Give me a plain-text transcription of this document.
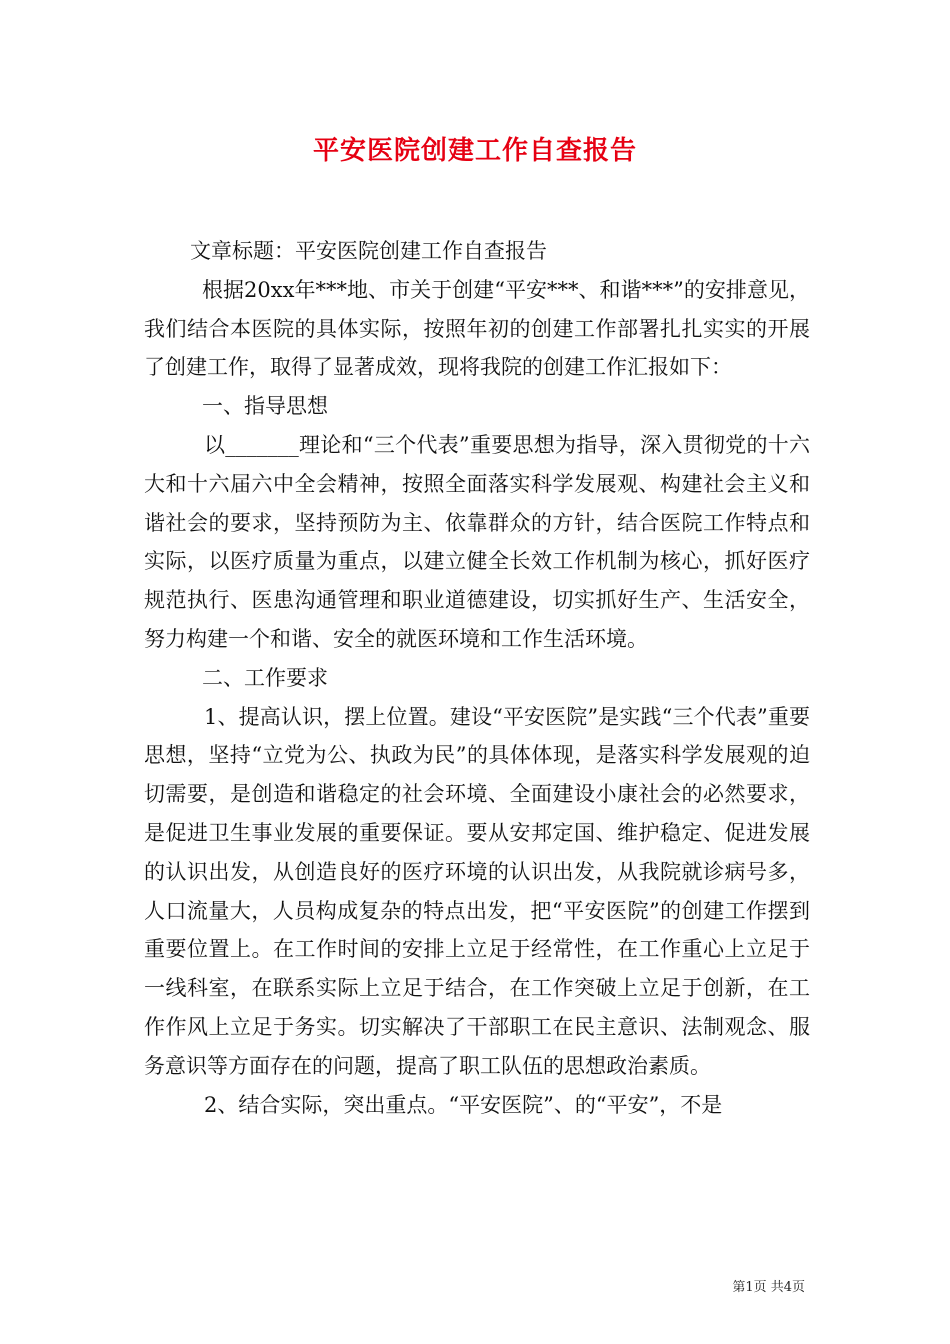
平安医院创建工作自查报告

文章标题：平安医院创建工作自查报告

根据20xx年***地、市关于创建“平安***、和谐***”的安排意见，我们结合本医院的具体实际，按照年初的创建工作部署扎扎实实的开展了创建工作，取得了显著成效，现将我院的创建工作汇报如下：

一、指导思想

以_______理论和“三个代表”重要思想为指导，深入贯彻党的十六大和十六届六中全会精神，按照全面落实科学发展观、构建社会主义和谐社会的要求，坚持预防为主、依靠群众的方针，结合医院工作特点和实际，以医疗质量为重点，以建立健全长效工作机制为核心，抓好医疗规范执行、医患沟通管理和职业道德建设，切实抓好生产、生活安全，努力构建一个和谐、安全的就医环境和工作生活环境。

二、工作要求

1、提高认识，摆上位置。建设“平安医院”是实践“三个代表”重要思想，坚持“立党为公、执政为民”的具体体现，是落实科学发展观的迫切需要，是创造和谐稳定的社会环境、全面建设小康社会的必然要求，是促进卫生事业发展的重要保证。要从安邦定国、维护稳定、促进发展的认识出发，从创造良好的医疗环境的认识出发，从我院就诊病号多，人口流量大，人员构成复杂的特点出发，把“平安医院”的创建工作摆到重要位置上。在工作时间的安排上立足于经常性，在工作重心上立足于一线科室，在联系实际上立足于结合，在工作突破上立足于创新，在工作作风上立足于务实。切实解决了干部职工在民主意识、法制观念、服务意识等方面存在的问题，提高了职工队伍的思想政治素质。

2、结合实际，突出重点。“平安医院”、的“平安”，不是

第1页 共4页
